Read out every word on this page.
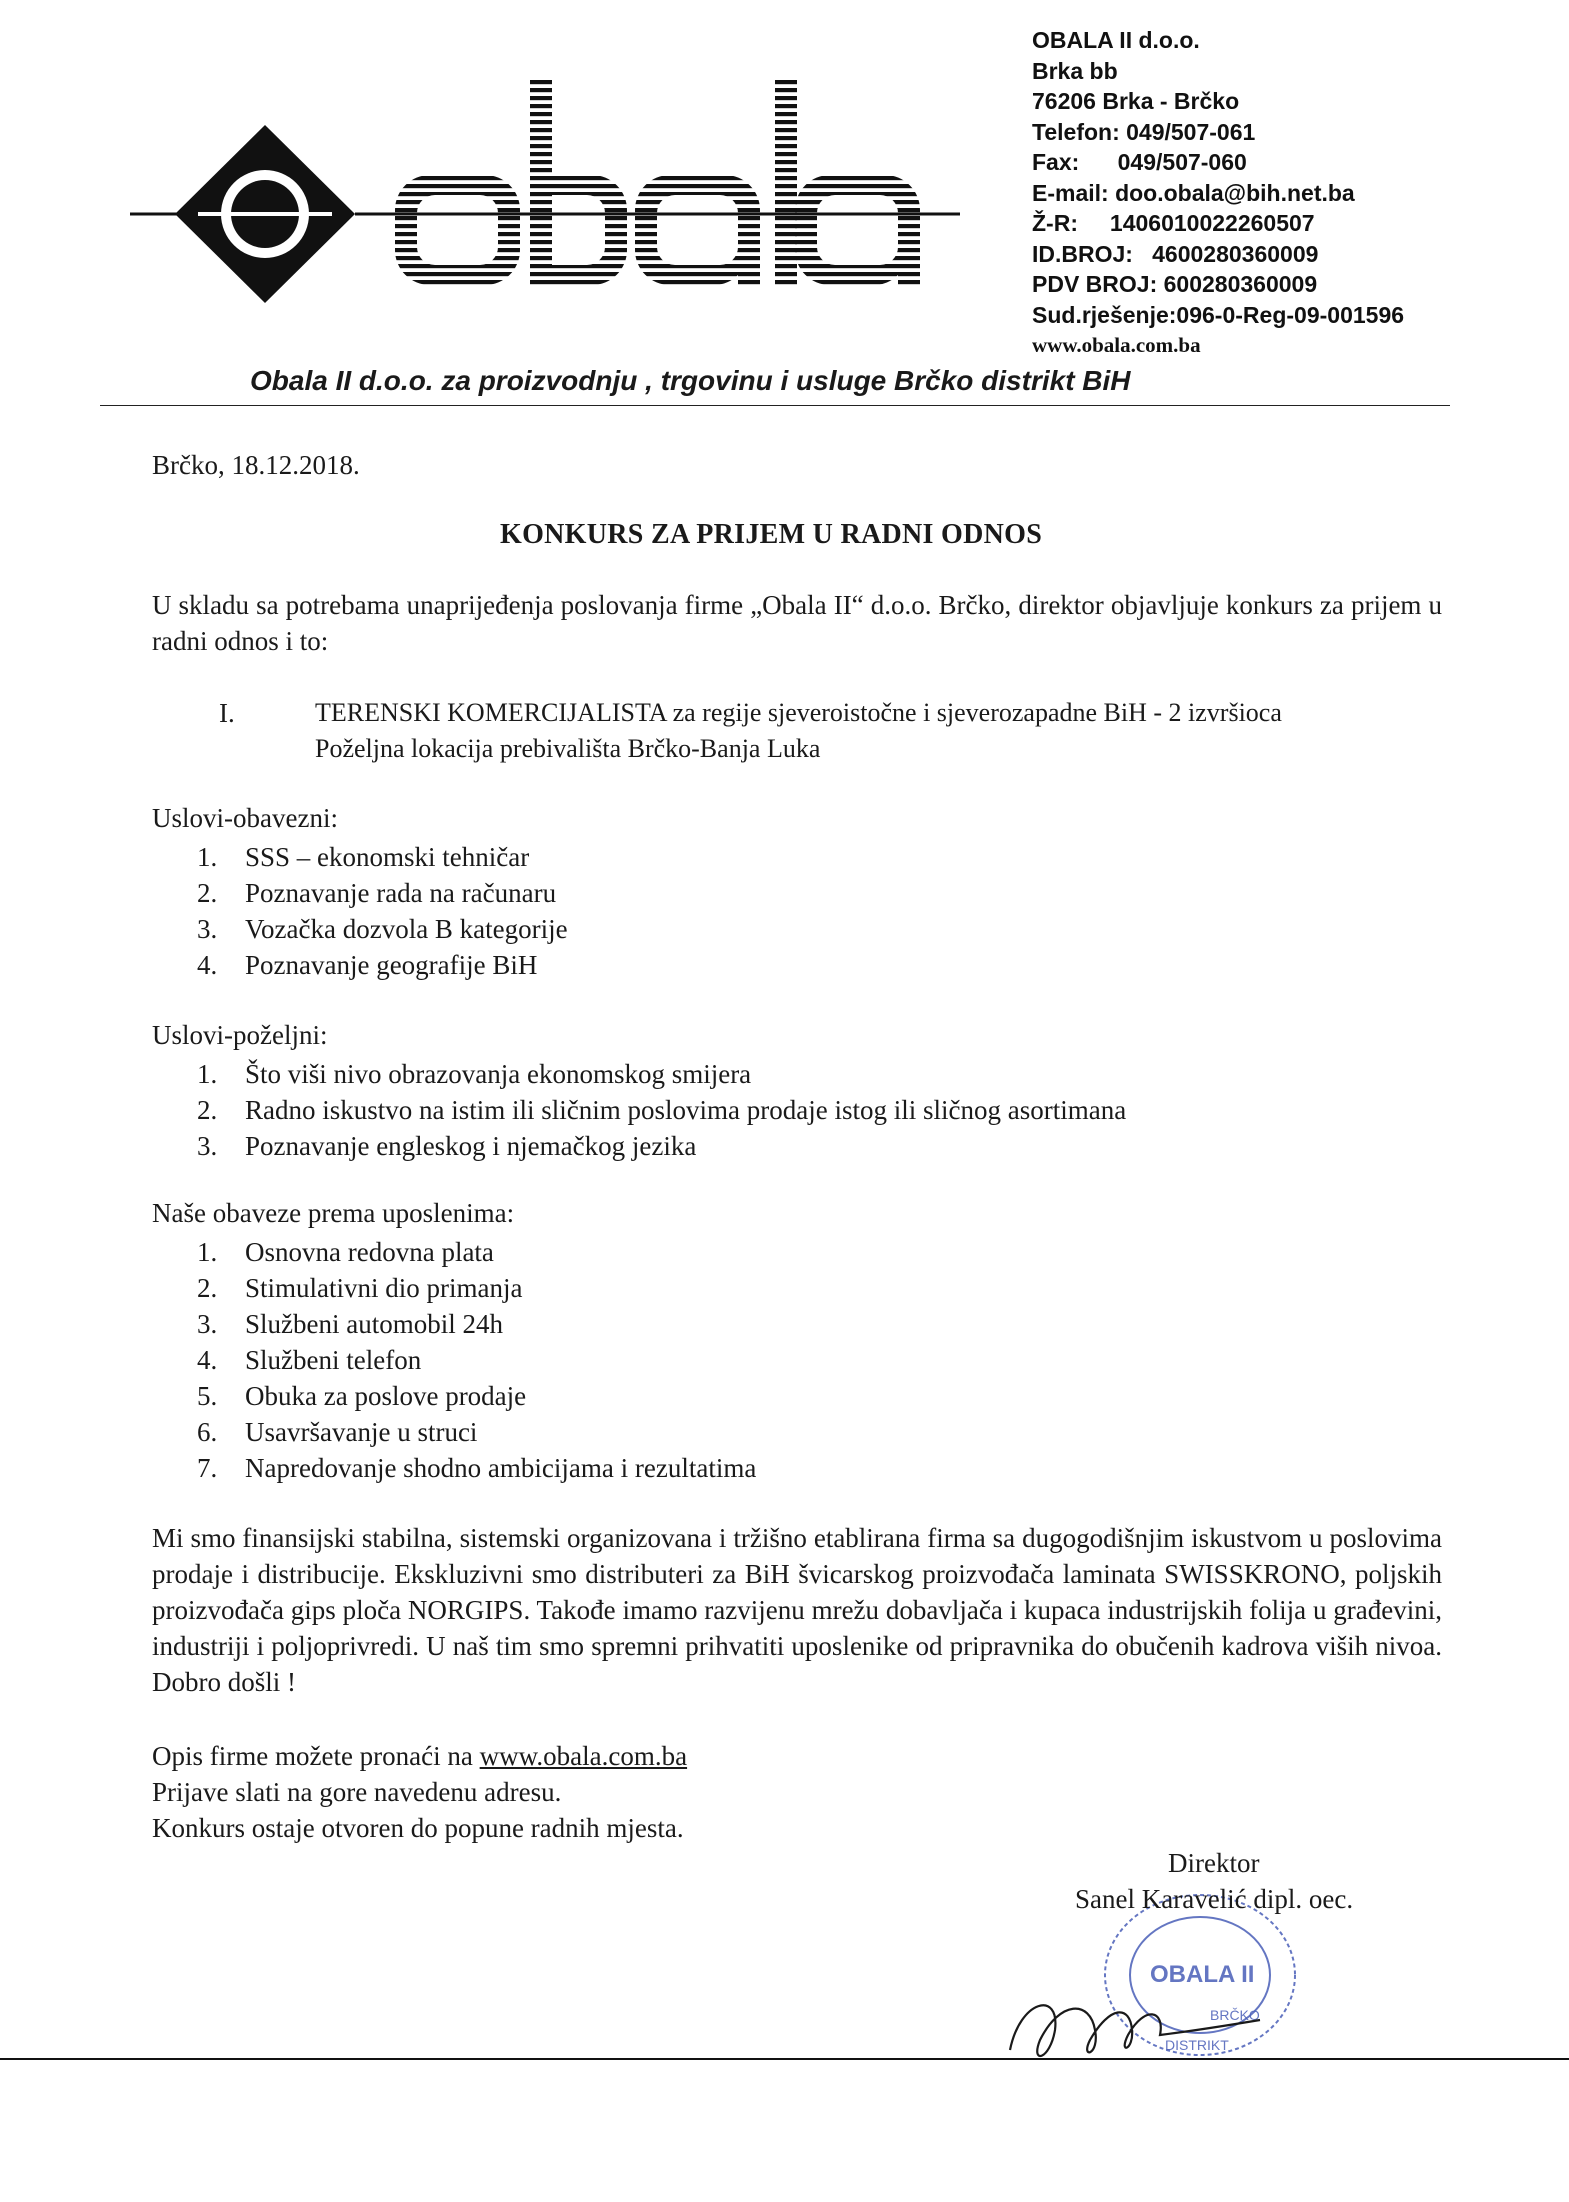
OBALA II d.o.o.
Brka bb
76206 Brka - Brčko
Telefon: 049/507-061
Fax:      049/507-060
E-mail: doo.obala@bih.net.ba
Ž-R:     1406010022260507
ID.BROJ:   4600280360009
PDV BROJ: 600280360009
Sud.rješenje:096-0-Reg-09-001596
www.obala.com.ba
Obala II d.o.o. za proizvodnju , trgovinu i usluge Brčko distrikt BiH
Brčko, 18.12.2018.
KONKURS ZA PRIJEM U RADNI ODNOS
U skladu sa potrebama unaprijeđenja poslovanja firme „Obala II“ d.o.o. Brčko, direktor objavljuje konkurs za prijem u radni odnos i to:
I.	TERENSKI KOMERCIJALISTA za regije sjeveroistočne i sjeverozapadne BiH - 2 izvršioca
Poželjna lokacija prebivališta Brčko-Banja Luka
Uslovi-obavezni:
1. SSS – ekonomski tehničar
2. Poznavanje rada na računaru
3. Vozačka dozvola B kategorije
4. Poznavanje geografije BiH
Uslovi-poželjni:
1. Što viši nivo obrazovanja ekonomskog smijera
2. Radno iskustvo na istim ili sličnim poslovima prodaje istog ili sličnog asortimana
3. Poznavanje engleskog i njemačkog jezika
Naše obaveze prema uposlenima:
1. Osnovna redovna plata
2. Stimulativni dio primanja
3. Službeni automobil 24h
4. Službeni telefon
5. Obuka za poslove prodaje
6. Usavršavanje u struci
7. Napredovanje shodno ambicijama i rezultatima
Mi smo finansijski stabilna, sistemski organizovana i tržišno etablirana firma sa dugogodišnjim iskustvom u poslovima prodaje i distribucije. Ekskluzivni smo distributeri za BiH švicarskog proizvođača laminata SWISSKRONO, poljskih proizvođača gips ploča NORGIPS. Takođe imamo razvijenu mrežu dobavljača i kupaca industrijskih folija u građevini, industriji i poljoprivredi. U naš tim smo spremni prihvatiti uposlenike od pripravnika do obučenih kadrova viših nivoa. Dobro došli !
Opis firme možete pronaći na www.obala.com.ba
Prijave slati na gore navedenu adresu.
Konkurs ostaje otvoren do popune radnih mjesta.
OBALA II
BRČKO
DISTRIKT
Direktor
Sanel Karavelić dipl. oec.
